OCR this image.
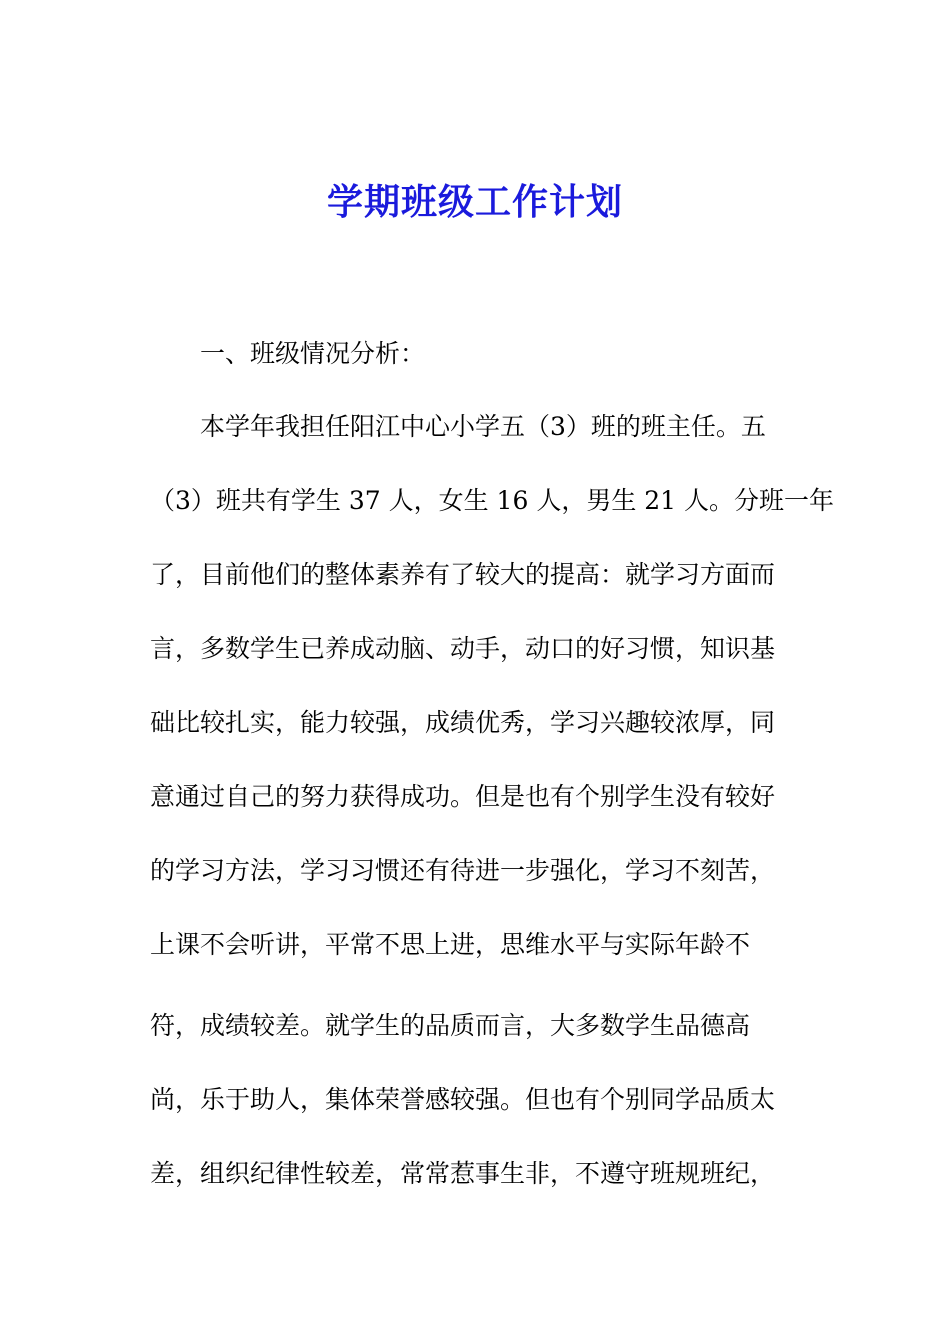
学期班级工作计划
一、班级情况分析：
本学年我担任阳江中心小学五（3）班的班主任。五
（3）班共有学生 37 人，女生 16 人，男生 21 人。分班一年
了，目前他们的整体素养有了较大的提高：就学习方面而
言，多数学生已养成动脑、动手，动口的好习惯，知识基
础比较扎实，能力较强，成绩优秀，学习兴趣较浓厚，同
意通过自己的努力获得成功。但是也有个别学生没有较好
的学习方法，学习习惯还有待进一步强化，学习不刻苦，
上课不会听讲，平常不思上进，思维水平与实际年龄不
符，成绩较差。就学生的品质而言，大多数学生品德高
尚，乐于助人，集体荣誉感较强。但也有个别同学品质太
差，组织纪律性较差，常常惹事生非，不遵守班规班纪，
